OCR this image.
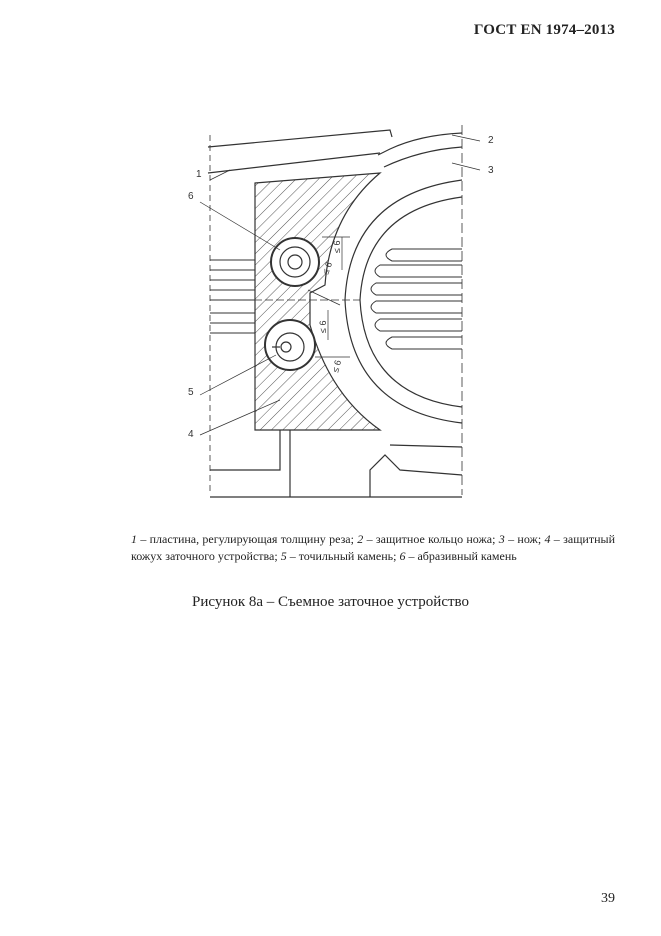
ГОСТ EN 1974–2013
1
2
3
4
5
6
≤ 6
≤ 6
≤ 6
≤ 6
1 – пластина, регулирующая толщину реза; 2 – защитное кольцо ножа; 3 – нож; 4 – защитный кожух заточного устройства; 5 – точильный камень; 6 – абразивный камень
Рисунок 8а – Съемное заточное устройство
39
